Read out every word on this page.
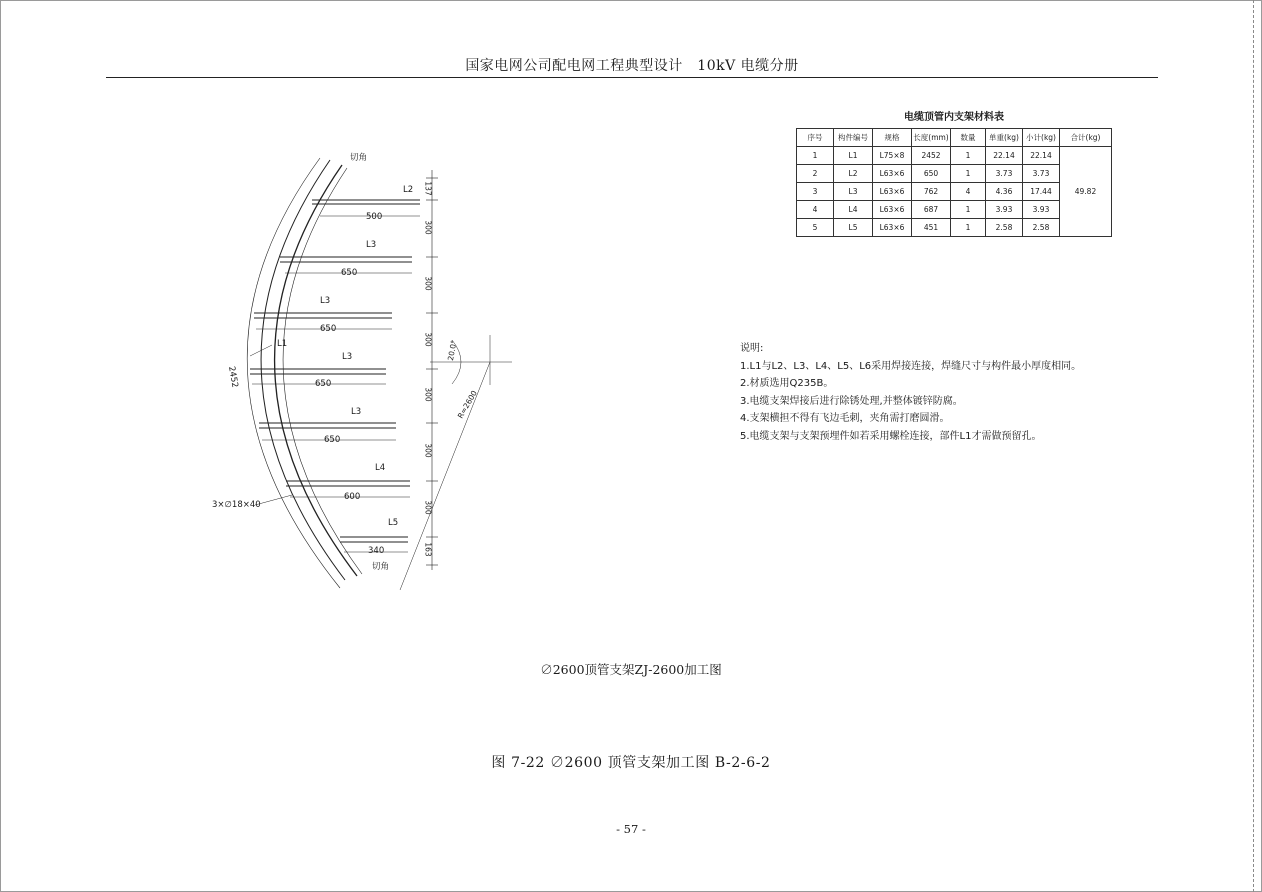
国家电网公司配电网工程典型设计　10kV 电缆分册
切角
切角
2452
3×∅18×40
R=2600
20.0°
L1
L2
500
L3
650
L3
650
L3
650
L3
650
L4
600
L5
340
137
300
300
300
300
300
300
163
电缆顶管内支架材料表
序号	构件编号	规格	长度(mm)	数量	单重(kg)	小计(kg)	合计(kg)
1	L1	L75×8	2452	1	22.14	22.14	49.82
2	L2	L63×6	650	1	3.73	3.73	
3	L3	L63×6	762	4	4.36	17.44	
4	L4	L63×6	687	1	3.93	3.93	
5	L5	L63×6	451	1	2.58	2.58	
说明:
1.L1与L2、L3、L4、L5、L6采用焊接连接，焊缝尺寸与构件最小厚度相同。
2.材质选用Q235B。
3.电缆支架焊接后进行除锈处理,并整体镀锌防腐。
4.支架横担不得有飞边毛刺，夹角需打磨圆滑。
5.电缆支架与支架预埋件如若采用螺栓连接，部件L1才需做预留孔。
∅2600顶管支架ZJ-2600加工图
图 7-22 ∅2600 顶管支架加工图 B-2-6-2
- 57 -
